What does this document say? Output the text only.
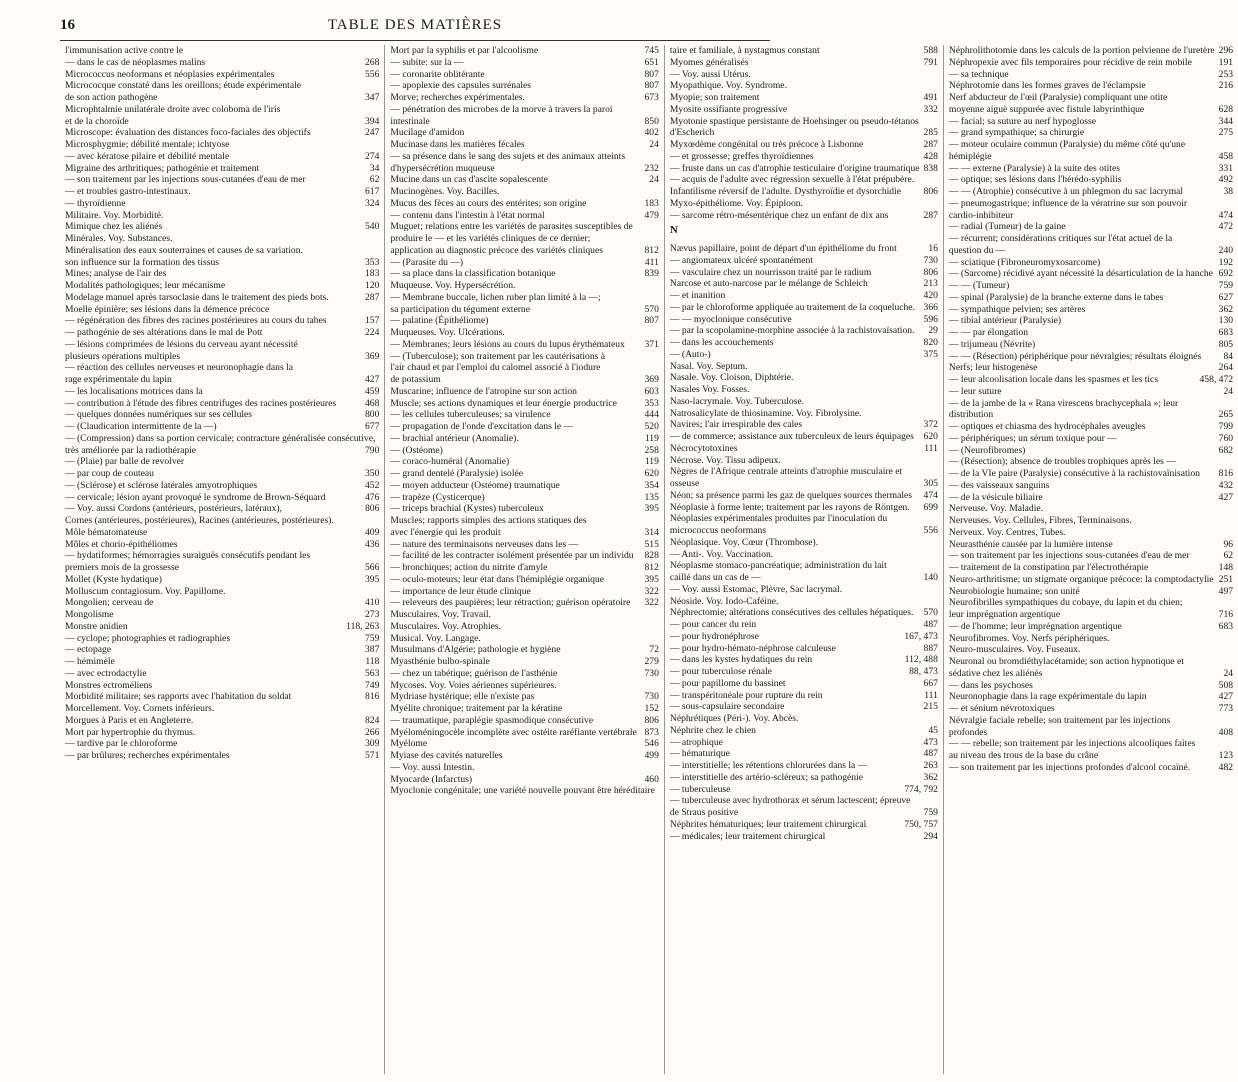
16	TABLE DES MATIÈRES
l'immunisation active contre le
— dans le cas de néoplasmes malins	268
Micrococcus neoformans et néoplasies expérimentales	556
Micrococque constaté dans les oreillons; étude expérimentale
de son action pathogène	347
Microphtalmie unilatérale droite avec coloboma de l'iris
et de la choroïde	394
Microscope: évaluation des distances foco-faciales des objectifs	247
Microsphygmie; débilité mentale; ichtyose
— avec kératose pilaire et débilité mentale	274
Migraine des arthritiques; pathogénie et traitement	34
— son traitement par les injections sous-cutanées d'eau de mer	62
— et troubles gastro-intestinaux.	617
— thyroïdienne	324
Militaire. Voy. Morbidité.
Mimique chez les aliénés	540
Minérales. Voy. Substances.
Minéralisation des eaux souterraines et causes de sa variation.
son influence sur la formation des tissus	353
Mines; analyse de l'air des	183
Modalités pathologiques; leur mécanisme	120
Modelage manuel après tarsoclasie dans le traitement des pieds bots.	287
Moelle épinière; ses lésions dans la démence précoce
— régénération des fibres des racines postérieures au cours du tabes	157
— pathogénie de ses altérations dans le mal de Pott	224
— lésions comprimées de lésions du cerveau ayant nécessité
plusieurs opérations multiples	369
— réaction des cellules nerveuses et neuronophagie dans la
rage expérimentale du lapin	427
— les localisations motrices dans la	459
— contribution à l'étude des fibres centrifuges des racines postérieures	468
— quelques données numériques sur ses cellules	800
— (Claudication intermittente de la —)	677
— (Compression) dans sa portion cervicale; contracture généralisée consécutive,
très améliorée par la radiothérapie	790
— (Plaie) par balle de revolver
— par coup de couteau	350
— (Sclérose) et sclérose latérales amyotrophiques	452
— cervicale; lésion ayant provoqué le syndrome de Brown-Séquard	476
— Voy. aussi Cordons (antérieurs, postérieurs, latéraux),	806
Cornes (antérieures, postérieures), Racines (antérieures, postérieures).
Môle hématomateuse	409
Môles et chorio-épithéliomes	436
— hydatiformes; hémorragies suraiguës consécutifs pendant les
premiers mois de la grossesse	566
Mollet (Kyste hydatique)	395
Molluscum contagiosum. Voy. Papillome.
Mongolien; cerveau de	410
Mongolisme	273
Monstre anidien	118, 263
— cyclope; photographies et radiographies	759
— ectopage	387
— hémimèle	118
— avec ectrodactylie	563
Monstres ectroméliens	749
Morbidité militaire; ses rapports avec l'habitation du soldat	816
Morcellement. Voy. Cornets inférieurs.
Morgues à Paris et en Angleterre.	824
Mort par hypertrophie du thymus.	266
— tardive par le chloroforme	309
— par brûlures; recherches expérimentales	571
Mort par la syphilis et par l'alcoolisme	745
— subite: sur la —	651
— coronarite oblitérante	807
— apoplexie des capsules surrénales	807
Morve; recherches expérimentales.	673
— pénétration des microbes de la morve à travers la paroi
intestinale	850
Mucilage d'amidon	402
Mucinase dans les matières fécales	24
— sa présence dans le sang des sujets et des animaux atteints
d'hypersécrétion muqueuse	232
Mucine dans un cas d'ascite sopalescente	24
Mucinogènes. Voy. Bacilles.
Mucus des fèces au cours des entérites; son origine	183
— contenu dans l'intestin à l'état normal	479
Muguet; relations entre les variétés de parasites susceptibles de
produire le — et les variétés cliniques de ce dernier;
application au diagnostic précoce des variétés cliniques	812
— (Parasite du —)	411
— sa place dans la classification botanique	839
Muqueuse. Voy. Hypersécrétion.
— Membrane buccale, lichen ruber plan limité à la —;
sa participation du tégument externe	570
— palatine (Épithéliome)	807
Muqueuses. Voy. Ulcérations.
— Membranes; leurs lésions au cours du lupus érythémateux	371
— (Tuberculose); son traitement par les cautérisations à
l'air chaud et par l'emploi du calomel associé à l'iodure
de potassium	369
Muscarine; influence de l'atropine sur son action	603
Muscle; ses actions dynamiques et leur énergie productrice	353
— les cellules tuberculeuses; sa virulence	444
— propagation de l'onde d'excitation dans le —	520
— brachial antérieur (Anomalie).	119
— (Ostéome)	258
— coraco-huméral (Anomalie)	119
— grand dentelé (Paralysie) isolée	620
— moyen adducteur (Ostéome) traumatique	354
— trapèze (Cysticerque)	135
— triceps brachial (Kystes) tuberculeux	395
Muscles; rapports simples des actions statiques des
avec l'énergie qui les produit	314
— nature des terminaisons nerveuses dans les —	515
— facilité de les contracter isolément présentée par un individu	828
— bronchiques; action du nitrite d'amyle	812
— oculo-moteurs; leur état dans l'hémiplégie organique	395
— importance de leur étude clinique	322
— releveurs des paupières; leur rétraction; guérison opératoire	322
Musculaires. Voy. Travail.
Musculaires. Voy. Atrophies.
Musical. Voy. Langage.
Musulmans d'Algérie; pathologie et hygiène	72
Myasthénie bulbo-spinale	279
— chez un tabétique; guérison de l'asthénie	730
Mycoses. Voy. Voies aériennes supérieures.
Mydriase hystérique; elle n'existe pas	730
Myélite chronique; traitement par la kératine	152
— traumatique, paraplégie spasmodique consécutive	806
Myéloméningocèle incomplète avec ostéite raréfiante vertébrale 873
Myélome	546
Myiase des cavités naturelles	499
— Voy. aussi Intestin.
Myocarde (Infarctus)	460
Myoclonie congénitale; une variété nouvelle pouvant être héréditaire
taire et familiale, à nystagmus constant	588
Myomes généralisés	791
— Voy. aussi Utérus.
Myopathique. Voy. Syndrome.
Myopie; son traitement	491
Myosite ossifiante progressive	332
Myotonie spastique persistante de Hoehsinger ou pseudo-tétanos
d'Escherich	285
Myxœdème congénital ou très précoce à Lisbonne	287
— et grossesse; greffes thyroïdiennes	428
— fruste dans un cas d'atrophie testiculaire d'origine traumatique 838
— acquis de l'adulte avec régression sexuelle à l'état prépubère.
Infantilisme réversif de l'adulte. Dysthyroïdie et dysorchidie	806
Myxo-épithéliome. Voy. Épiploon.
— sarcome rétro-mésentérique chez un enfant de dix ans	287
N
Nævus papillaire, point de départ d'un épithéliome du front	16
— angiomateux ulcéré spontanément	730
— vasculaire chez un nourrisson traité par le radium	806
Narcose et auto-narcose par le mélange de Schleich	213
— et inanition	420
— par le chloroforme appliquée au traitement de la coqueluche. 366
— — myoclonique consécutive	596
— par la scopolamine-morphine associée à la rachistovaïsation.	29
— dans les accouchements	820
— (Auto-)	375
Nasal. Voy. Septum.
Nasale. Voy. Cloison, Diphtérie.
Nasales Voy. Fosses.
Naso-lacrymale. Voy. Tuberculose.
Natrosalicylate de thiosinamine. Voy. Fibrolysine.
Navires; l'air irrespirable des cales	372
— de commerce; assistance aux tuberculeux de leurs équipages	620
Nécrocytotoxines	111
Nécrose. Voy. Tissu adipeux.
Nègres de l'Afrique centrale atteints d'atrophie musculaire et
osseuse	305
Néon; sa présence parmi les gaz de quelques sources thermales	474
Néoplasie à forme lente; traitement par les rayons de Röntgen.	699
Néoplasies expérimentales produites par l'inoculation du
micrococcus neoformans	556
Néoplasique. Voy. Cœur (Thrombose).
— Anti-. Voy. Vaccination.
Néoplasme stomaco-pancréatique; administration du lait
caillé dans un cas de —	140
— Voy. aussi Estomac, Plèvre, Sac lacrymal.
Néoside. Voy. Iodo-Caféine.
Néphrectomie; altérations consécutives des cellules hépatiques.	570
— pour cancer du rein	487
— pour hydronéphrose	167, 473
— pour hydro-hémato-néphrose calculeuse	887
— dans les kystes hydatiques du rein	112, 488
— pour tuberculose rénale	88, 473
— pour papillome du bassinet	667
— transpéritonéale pour rupture du rein	111
— sous-capsulaire secondaire	215
Néphrétiques (Péri-). Voy. Abcès.
Néphrite chez le chien	45
— atrophique	473
— hématurique	487
— interstitielle; les rétentions chlorurées dans la —	263
— interstitielle des artério-scléreux; sa pathogénie	362
— tuberculeuse	774, 792
— tuberculeuse avec hydrothorax et sérum lactescent; épreuve
de Straus positive	759
Néphrites hématuriques; leur traitement chirurgical	750, 757
— médicales; leur traitement chirurgical	294
Néphrolithotomie dans les calculs de la portion pelvienne de l'uretère 296
Néphropexie avec fils temporaires pour récidive de rein mobile	191
— sa technique	253
Néphrotomie dans les formes graves de l'éclampsie	216
Nerf abducteur de l'œil (Paralysie) compliquant une otite
moyenne aiguë suppurée avec fistule labyrinthique	628
— facial; sa suture au nerf hypoglosse	344
— grand sympathique; sa chirurgie	275
— moteur oculaire commun (Paralysie) du même côté qu'une
hémiplégie	458
— — externe (Paralysie) à la suite des otites	331
— optique; ses lésions dans l'hérédo-syphilis	492
— — (Atrophie) consécutive à un phlegmon du sac lacrymal	38
— pneumogastrique; influence de la vératrine sur son pouvoir
cardio-inhibiteur	474
— radial (Tumeur) de la gaine	472
— récurrent; considérations critiques sur l'état actuel de la
question du —	240
— sciatique (Fibroneuromyxosarcome)	192
— (Sarcome) récidivé ayant nécessité la désarticulation de la hanche 692
— — (Tumeur)	759
— spinal (Paralysie) de la branche externe dans le tabes	627
— sympathique pelvien; ses artères	362
— tibial antérieur (Paralysie)	130
— — par élongation	683
— trijumeau (Névrite)	805
— — (Résection) périphérique pour névralgies; résultats éloignés	84
Nerfs; leur histogenèse	264
— leur alcoolisation locale dans les spasmes et les tics	458, 472
— leur suture	24
— de la jambe de la « Rana virescens brachycephala »; leur
distribution	265
— optiques et chiasma des hydrocéphales aveugles	799
— périphériques; un sérum toxique pour —	760
— (Neurofibromes)	682
— (Résection); absence de troubles trophiques après les —
— de la VIe paire (Paralysie) consécutive à la rachistovaïnisation	816
— des vaisseaux sanguins	432
— de la vésicule biliaire	427
Nerveuse. Voy. Maladie.
Nerveuses. Voy. Cellules, Fibres, Terminaisons.
Nerveux. Voy. Centres, Tubes.
Neurasthénie causée par la lumière intense	96
— son traitement par les injections sous-cutanées d'eau de mer	62
— traitement de la constipation par l'électrothérapie	148
Neuro-arthritisme; un stigmate organique précoce: la comptodactylie 251
Neurobiologie humaine; son unité	497
Neurofibrilles sympathiques du cobaye, du lapin et du chien;
leur imprégnation argentique	716
— de l'homme; leur imprégnation argentique	683
Neurofibromes. Voy. Nerfs périphériques.
Neuro-musculaires. Voy. Fuseaux.
Neuronal ou bromdiéthylacétamide; son action hypnotique et
sédative chez les aliénés	24
— dans les psychoses	508
Neuronophagie dans la rage expérimentale du lapin	427
— et sénium névrotoxiques	773
Névralgie faciale rebelle; son traitement par les injections
profondes	408
— — rebelle; son traitement par les injections alcooliques faites
au niveau des trous de la base du crâne	123
— son traitement par les injections profondes d'alcool cocaïné.	482
